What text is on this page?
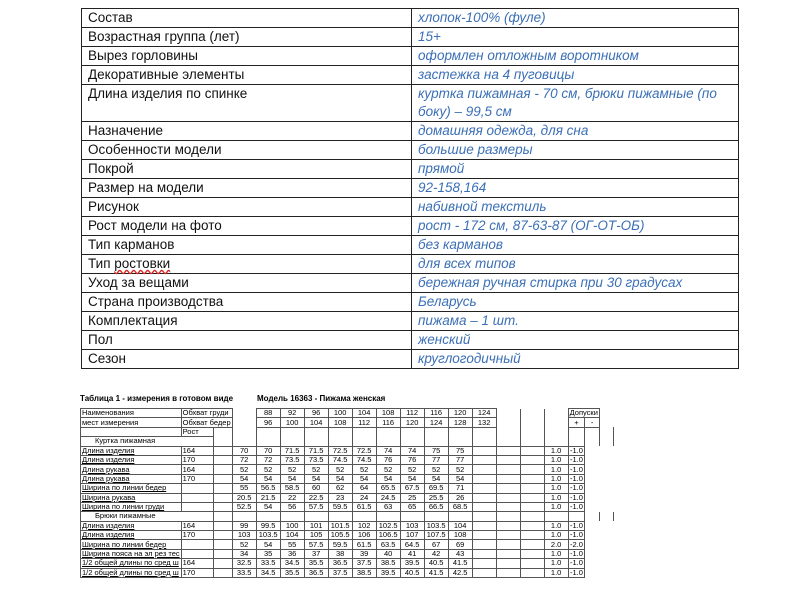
Состав	хлопок-100% (фуле)
Возрастная группа (лет)	15+
Вырез горловины	оформлен отложным воротником
Декоративные элементы	застежка на 4 пуговицы
Длина изделия по спинке	куртка пижамная - 70 см, брюки пижамные (по боку) – 99,5 см
Назначение	домашняя одежда, для сна
Особенности модели	большие размеры
Покрой	прямой
Размер на модели	92-158,164
Рисунок	набивной текстиль
Рост модели на фото	рост - 172 см, 87-63-87 (ОГ-ОТ-ОБ)
Тип карманов	без карманов
Тип ростовки	для всех типов
Уход за вещами	бережная ручная стирка при 30 градусах
Страна производства	Беларусь
Комплектация	пижама – 1 шт.
Пол	женский
Сезон	круглогодичный
Таблица 1 - измерения в готовом виде	Модель 16363 - Пижама женская
Наименования	Обхват груди			88	92	96	100	104	108	112	116	120	124				Допуски		
мест измерения	Обхват бедер			96	100	104	108	112	116	120	124	128	132				+	-	
	Рост																		
Куртка пижамная																			
Длина изделия	164		70	70	71.5	71.5	72.5	72.5	74	74	75	75				1.0	-1.0		
Длина изделия	170		72	72	73.5	73.5	74.5	74.5	76	76	77	77				1.0	-1.0		
Длина рукава	164		52	52	52	52	52	52	52	52	52	52				1.0	-1.0		
Длина рукава	170		54	54	54	54	54	54	54	54	54	54				1.0	-1.0		
Ширина по линии бедер			55	56.5	58.5	60	62	64	65.5	67.5	69.5	71				1.0	-1.0		
Ширина рукава			20.5	21.5	22	22.5	23	24	24.5	25	25.5	26				1.0	-1.0		
Ширина по линии груди			52.5	54	56	57.5	59.5	61.5	63	65	66.5	68.5				1.0	-1.0		
Брюки пижамные																			
Длина изделия	164		99	99.5	100	101	101.5	102	102.5	103	103.5	104				1.0	-1.0		
Длина изделия	170		103	103.5	104	105	105.5	106	106.5	107	107.5	108				1.0	-1.0		
Ширина по линии бедер			52	54	55	57.5	59.5	61.5	63.5	64.5	67	69				2.0	-2.0		
Ширина пояса на эл рез тес			34	35	36	37	38	39	40	41	42	43				1.0	-1.0		
1/2 общей длины по сред ш	164		32.5	33.5	34.5	35.5	36.5	37.5	38.5	39.5	40.5	41.5				1.0	-1.0		
1/2 общей длины по сред ш	170		33.5	34.5	35.5	36.5	37.5	38.5	39.5	40.5	41.5	42.5				1.0	-1.0		
